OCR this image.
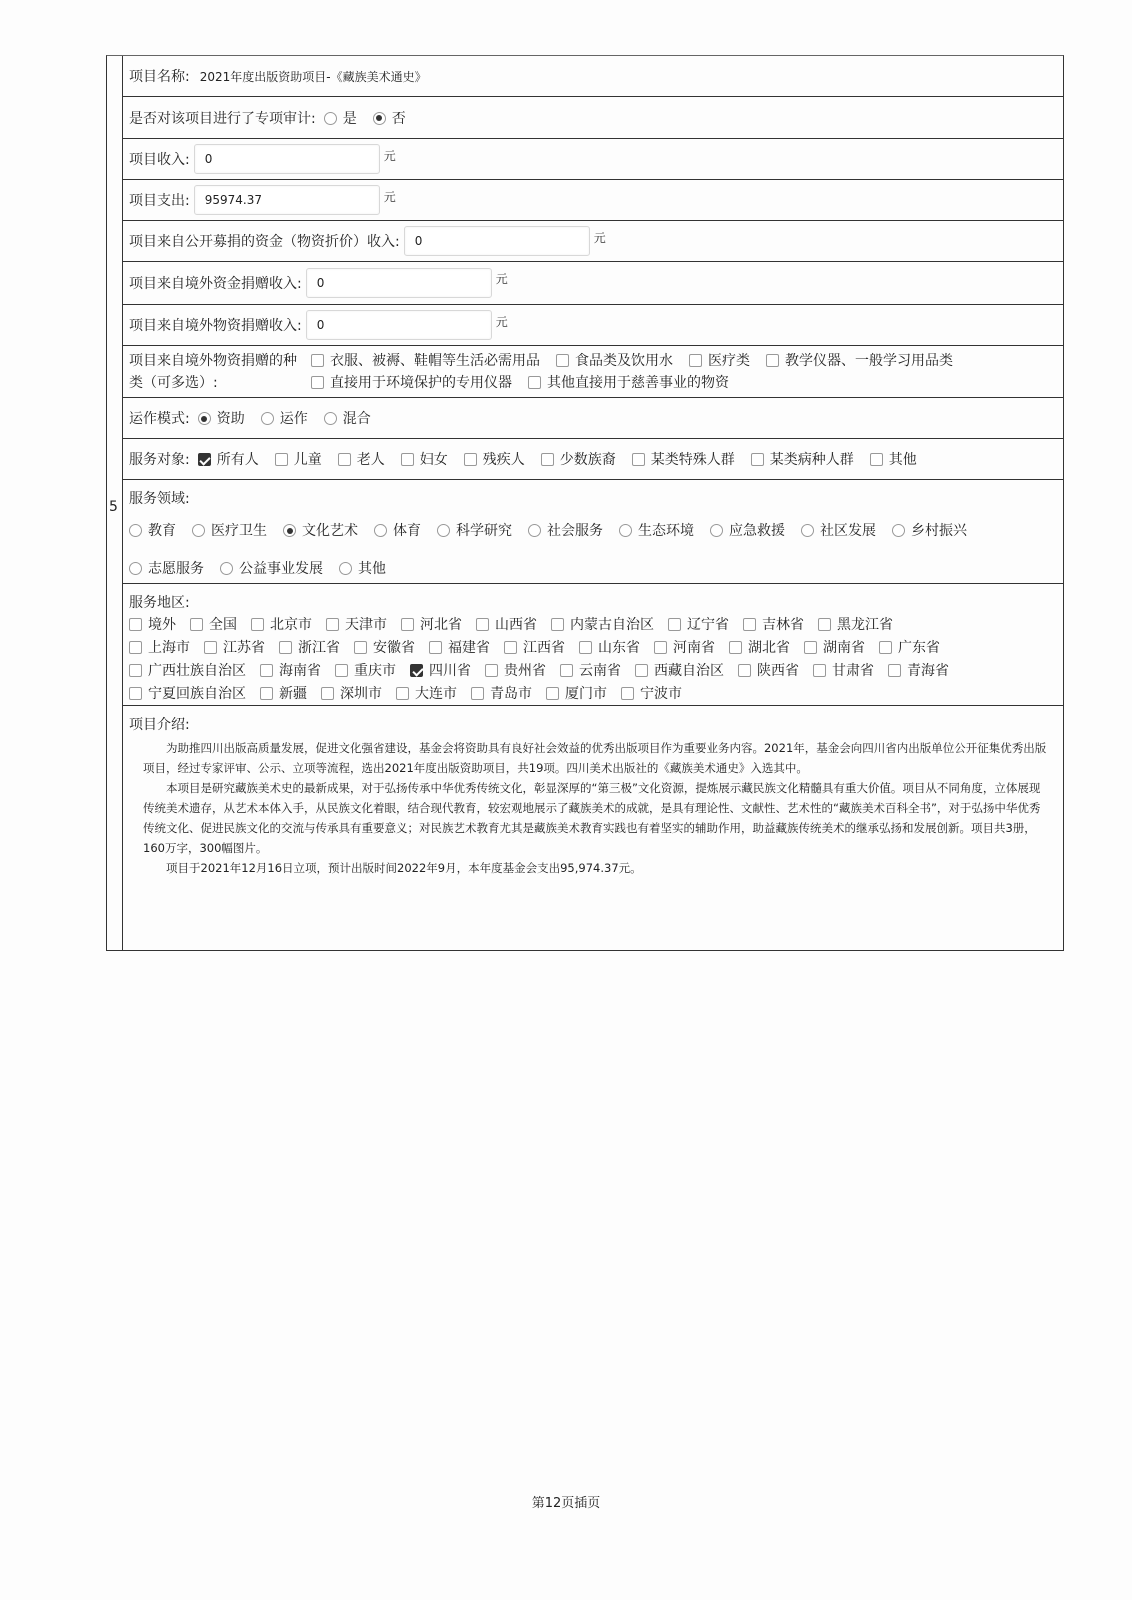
5
项目名称: 2021年度出版资助项目-《藏族美术通史》
是否对该项目进行了专项审计:	是	否
项目收入:	0	元
项目支出:	95974.37	元
项目来自公开募捐的资金（物资折价）收入:	0	元
项目来自境外资金捐赠收入:	0	元
项目来自境外物资捐赠收入:	0	元
项目来自境外物资捐赠的种
类（可多选）:
衣服、被褥、鞋帽等生活必需用品	食品类及饮用水	医疗类	教学仪器、一般学习用品类
直接用于环境保护的专用仪器	其他直接用于慈善事业的物资
运作模式:	资助	运作	混合
服务对象:	所有人	儿童	老人	妇女	残疾人	少数族裔	某类特殊人群	某类病种人群	其他
服务领域:
教育	医疗卫生	文化艺术	体育	科学研究	社会服务	生态环境	应急救援	社区发展	乡村振兴
志愿服务	公益事业发展	其他
服务地区:
境外	全国	北京市	天津市	河北省	山西省	内蒙古自治区	辽宁省	吉林省	黑龙江省
上海市	江苏省	浙江省	安徽省	福建省	江西省	山东省	河南省	湖北省	湖南省	广东省
广西壮族自治区	海南省	重庆市	四川省	贵州省	云南省	西藏自治区	陕西省	甘肃省	青海省
宁夏回族自治区	新疆	深圳市	大连市	青岛市	厦门市	宁波市
项目介绍:

为助推四川出版高质量发展，促进文化强省建设，基金会将资助具有良好社会效益的优秀出版项目作为重要业务内容。2021年，基金会向四川省内出版单位公开征集优秀出版项目，经过专家评审、公示、立项等流程，选出2021年度出版资助项目，共19项。四川美术出版社的《藏族美术通史》入选其中。

本项目是研究藏族美术史的最新成果，对于弘扬传承中华优秀传统文化，彰显深厚的“第三极”文化资源，提炼展示藏民族文化精髓具有重大价值。项目从不同角度，立体展现传统美术遗存，从艺术本体入手，从民族文化着眼，结合现代教育，较宏观地展示了藏族美术的成就，是具有理论性、文献性、艺术性的“藏族美术百科全书”，对于弘扬中华优秀传统文化、促进民族文化的交流与传承具有重要意义；对民族艺术教育尤其是藏族美术教育实践也有着坚实的辅助作用，助益藏族传统美术的继承弘扬和发展创新。项目共3册，160万字，300幅图片。

项目于2021年12月16日立项，预计出版时间2022年9月，本年度基金会支出95,974.37元。

第12页插页
